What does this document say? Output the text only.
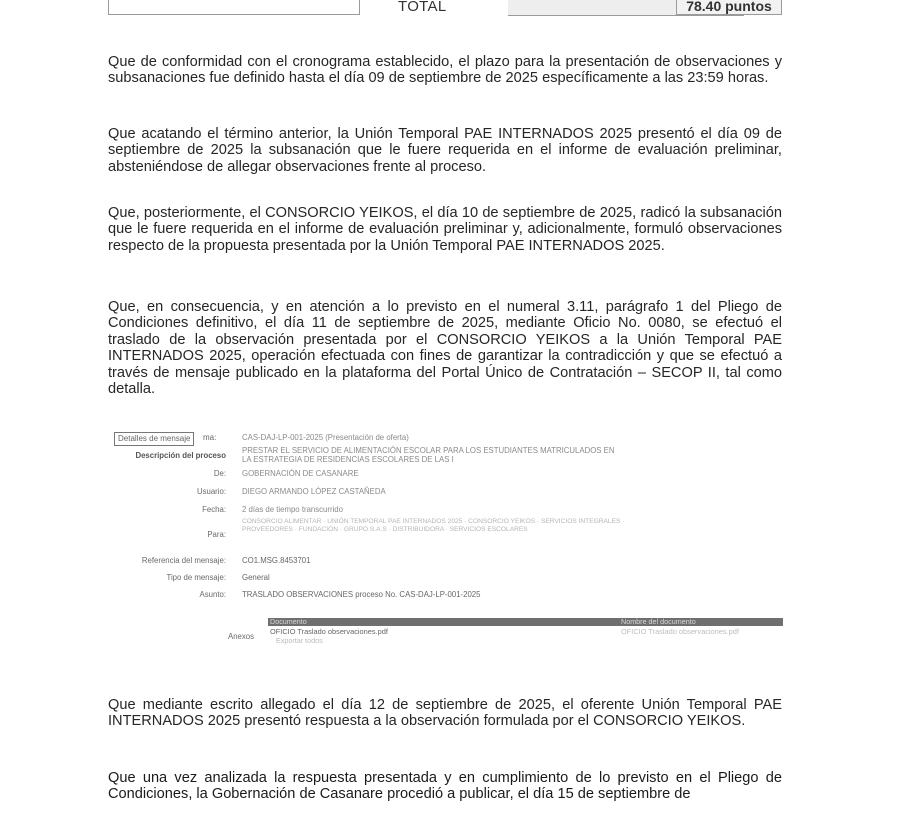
TOTAL	78.40 puntos

Que de conformidad con el cronograma establecido, el plazo para la presentación de observaciones y subsanaciones fue definido hasta el día 09 de septiembre de 2025 específicamente a las 23:59 horas.

Que acatando el término anterior, la Unión Temporal PAE INTERNADOS 2025 presentó el día 09 de septiembre de 2025 la subsanación que le fuere requerida en el informe de evaluación preliminar, absteniéndose de allegar observaciones frente al proceso.

Que, posteriormente, el CONSORCIO YEIKOS, el día 10 de septiembre de 2025, radicó la subsanación que le fuere requerida en el informe de evaluación preliminar y, adicionalmente, formuló observaciones respecto de la propuesta presentada por la Unión Temporal PAE INTERNADOS 2025.

Que, en consecuencia, y en atención a lo previsto en el numeral 3.11, parágrafo 1 del Pliego de Condiciones definitivo, el día 11 de septiembre de 2025, mediante Oficio No. 0080, se efectuó el traslado de la observación presentada por el CONSORCIO YEIKOS a la Unión Temporal PAE INTERNADOS 2025, operación efectuada con fines de garantizar la contradicción y que se efectuó a través de mensaje publicado en la plataforma del Portal Único de Contratación – SECOP II, tal como detalla.

Detalles de mensaje	ma:	CAS-DAJ-LP-001-2025 (Presentación de oferta)
Descripción del proceso
PRESTAR EL SERVICIO DE ALIMENTACIÓN ESCOLAR PARA LOS ESTUDIANTES MATRICULADOS EN LA ESTRATEGIA DE RESIDENCIAS ESCOLARES DE LAS I
De: GOBERNACIÓN DE CASANARE
Usuario: DIEGO ARMANDO LÓPEZ CASTAÑEDA
Fecha: 2 días de tiempo transcurrido
Para:
CONSORCIO ALIMENTAR · UNIÓN TEMPORAL PAE INTERNADOS 2025 · CONSORCIO YEIKOS · SERVICIOS INTEGRALES · PROVEEDORES · FUNDACIÓN · GRUPO S.A.S · DISTRIBUIDORA · SERVICIOS ESCOLARES
Referencia del mensaje: CO1.MSG.8453701
Tipo de mensaje: General
Asunto: TRASLADO OBSERVACIONES proceso No. CAS-DAJ-LP-001-2025
Documento	Nombre del documento
Anexos
OFICIO Traslado observaciones.pdf	OFICIO Traslado observaciones.pdf
Exportar todos

Que mediante escrito allegado el día 12 de septiembre de 2025, el oferente Unión Temporal PAE INTERNADOS 2025 presentó respuesta a la observación formulada por el CONSORCIO YEIKOS.

Que una vez analizada la respuesta presentada y en cumplimiento de lo previsto en el Pliego de Condiciones, la Gobernación de Casanare procedió a publicar, el día 15 de septiembre de
